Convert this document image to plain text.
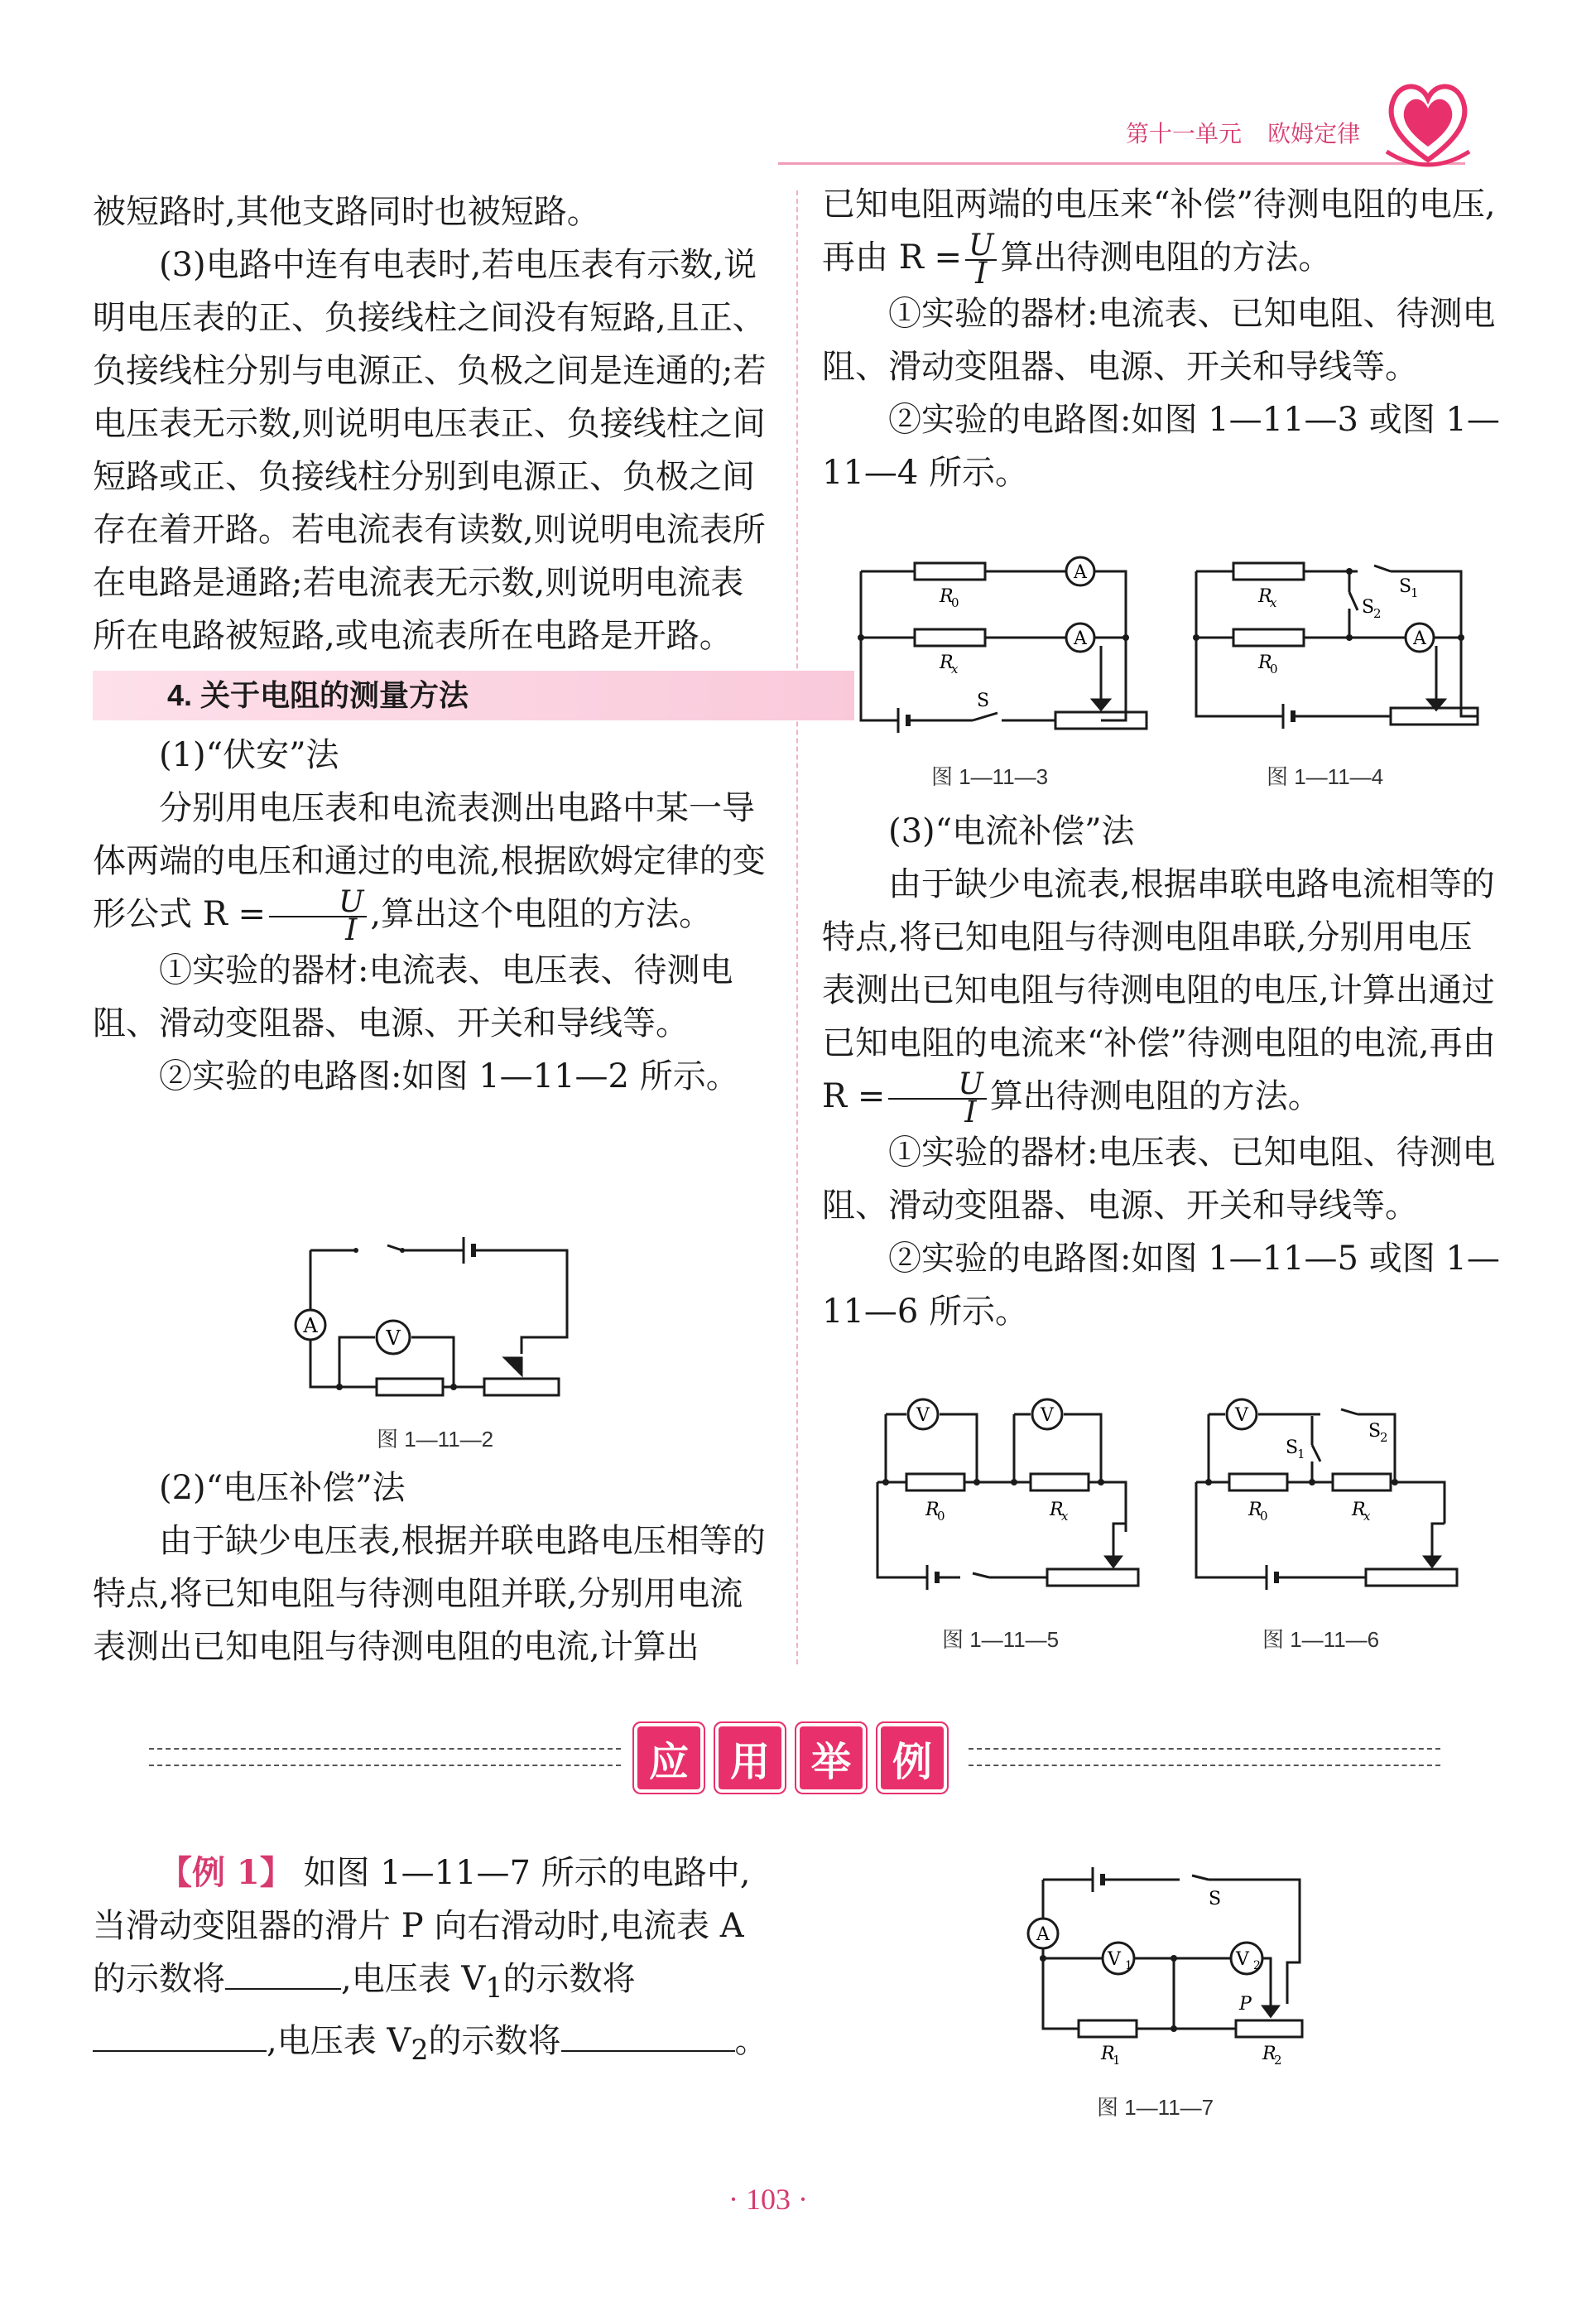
第十一单元 欧姆定律

被短路时,其他支路同时也被短路。

(3)电路中连有电表时,若电压表有示数,说明电压表的正、负接线柱之间没有短路,且正、负接线柱分别与电源正、负极之间是连通的;若电压表无示数,则说明电压表正、负接线柱之间短路或正、负接线柱分别到电源正、负极之间存在着开路。若电流表有读数,则说明电流表所在电路是通路;若电流表无示数,则说明电流表所在电路被短路,或电流表所在电路是开路。

4. 关于电阻的测量方法

(1)“伏安”法

分别用电压表和电流表测出电路中某一导体两端的电压和通过的电流,根据欧姆定律的变形公式 $R = \frac{U}{I}$ ,算出这个电阻的方法。

①实验的器材:电流表、电压表、待测电阻、滑动变阻器、电源、开关和导线等。

②实验的电路图:如图 1—11—2 所示。

A
V
图 1—11—2

(2)“电压补偿”法

由于缺少电压表,根据并联电路电压相等的特点,将已知电阻与待测电阻并联,分别用电流表测出已知电阻与待测电阻的电流,计算出

已知电阻两端的电压来“补偿”待测电阻的电压,再由 $R = \frac{U}{I}$ 算出待测电阻的方法。

①实验的器材:电流表、已知电阻、待测电阻、滑动变阻器、电源、开关和导线等。

②实验的电路图:如图 1—11—3 或图 1—11—4 所示。

A
A
R
0
R
x
S
图 1—11—3
A
R
x
R
0
S
1
S
2
图 1—11—4

(3)“电流补偿”法

由于缺少电流表,根据串联电路电流相等的特点,将已知电阻与待测电阻串联,分别用电压表测出已知电阻与待测电阻的电压,计算出通过已知电阻的电流来“补偿”待测电阻的电流,再由 $R = \frac{U}{I}$ 算出待测电阻的方法。

①实验的器材:电压表、已知电阻、待测电阻、滑动变阻器、电源、开关和导线等。

②实验的电路图:如图 1—11—5 或图 1—11—6 所示。

V	V
R
0	R
x
图 1—11—5
V
S
1
S
2
R
0	R
x
图 1—11—6
应 用 举 例

【例 1】 如图 1—11—7 所示的电路中,当滑动变阻器的滑片 P 向右滑动时,电流表 A 的示数将	,电压表 $V_1$的示数将,电压表 $V_2$的示数将	。

A
V 1	V 2
S
P
R
1	R
2
图 1—11—7
· 103 ·
